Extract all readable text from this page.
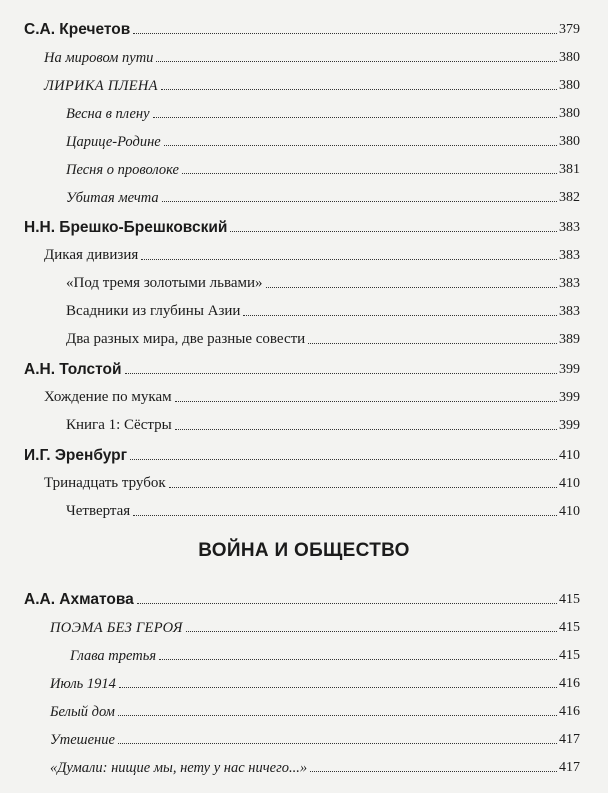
С.А. Кречетов	379
На мировом пути	380
ЛИРИКА ПЛЕНА	380
Весна в плену	380
Царице-Родине	380
Песня о проволоке	381
Убитая мечта	382
Н.Н. Брешко-Брешковский	383
Дикая дивизия	383
«Под тремя золотыми львами»	383
Всадники из глубины Азии	383
Два разных мира, две разные совести	389
А.Н. Толстой	399
Хождение по мукам	399
Книга 1: Сёстры	399
И.Г. Эренбург	410
Тринадцать трубок	410
Четвертая	410
ВОЙНА И ОБЩЕСТВО
А.А. Ахматова	415
ПОЭМА БЕЗ ГЕРОЯ	415
Глава третья	415
Июль 1914	416
Белый дом	416
Утешение	417
«Думали: нищие мы, нету у нас ничего...»	417
